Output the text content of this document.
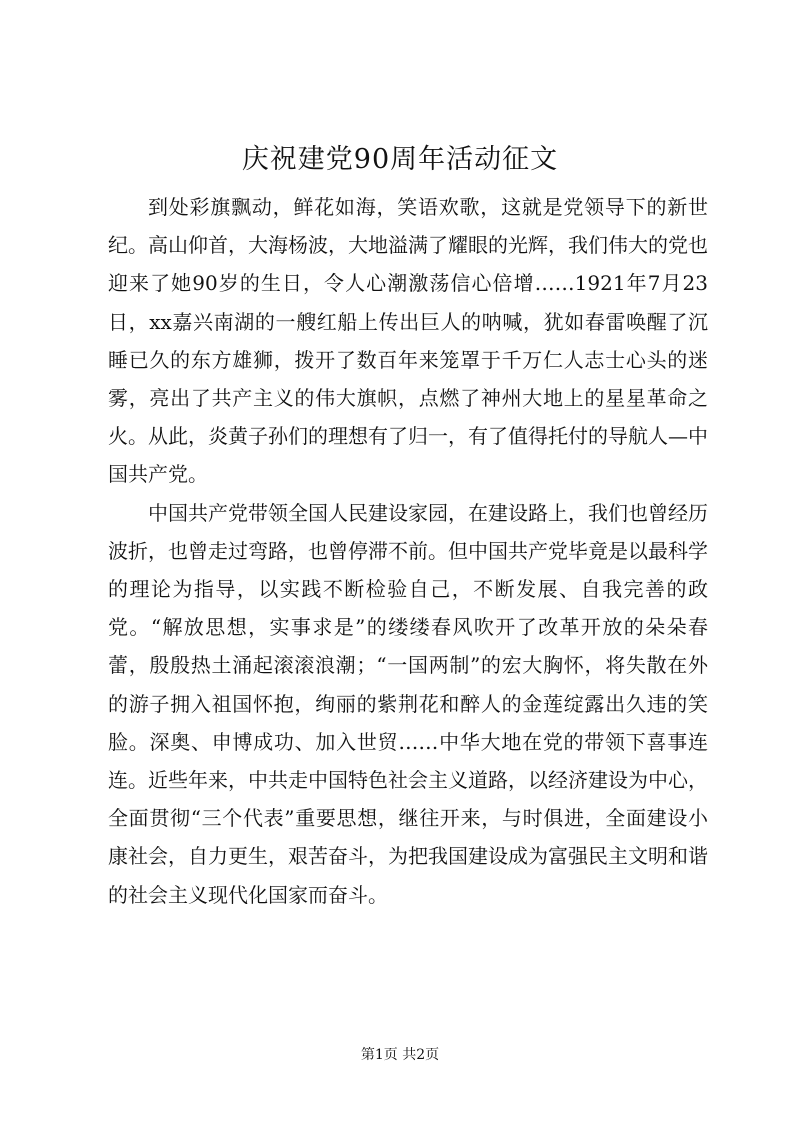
庆祝建党90周年活动征文

到处彩旗飘动，鲜花如海，笑语欢歌，这就是党领导下的新世纪。高山仰首，大海杨波，大地溢满了耀眼的光辉，我们伟大的党也迎来了她90岁的生日，令人心潮激荡信心倍增……1921年7月23日，xx嘉兴南湖的一艘红船上传出巨人的呐喊，犹如春雷唤醒了沉睡已久的东方雄狮，拨开了数百年来笼罩于千万仁人志士心头的迷雾，亮出了共产主义的伟大旗帜，点燃了神州大地上的星星革命之火。从此，炎黄子孙们的理想有了归一，有了值得托付的导航人—中国共产党。

中国共产党带领全国人民建设家园，在建设路上，我们也曾经历波折，也曾走过弯路，也曾停滞不前。但中国共产党毕竟是以最科学的理论为指导，以实践不断检验自己，不断发展、自我完善的政党。“解放思想，实事求是”的缕缕春风吹开了改革开放的朵朵春蕾，殷殷热土涌起滚滚浪潮；“一国两制”的宏大胸怀，将失散在外的游子拥入祖国怀抱，绚丽的紫荆花和醉人的金莲绽露出久违的笑脸。深奥、申博成功、加入世贸……中华大地在党的带领下喜事连连。近些年来，中共走中国特色社会主义道路，以经济建设为中心，全面贯彻“三个代表”重要思想，继往开来，与时俱进，全面建设小康社会，自力更生，艰苦奋斗，为把我国建设成为富强民主文明和谐的社会主义现代化国家而奋斗。

第1页 共2页
